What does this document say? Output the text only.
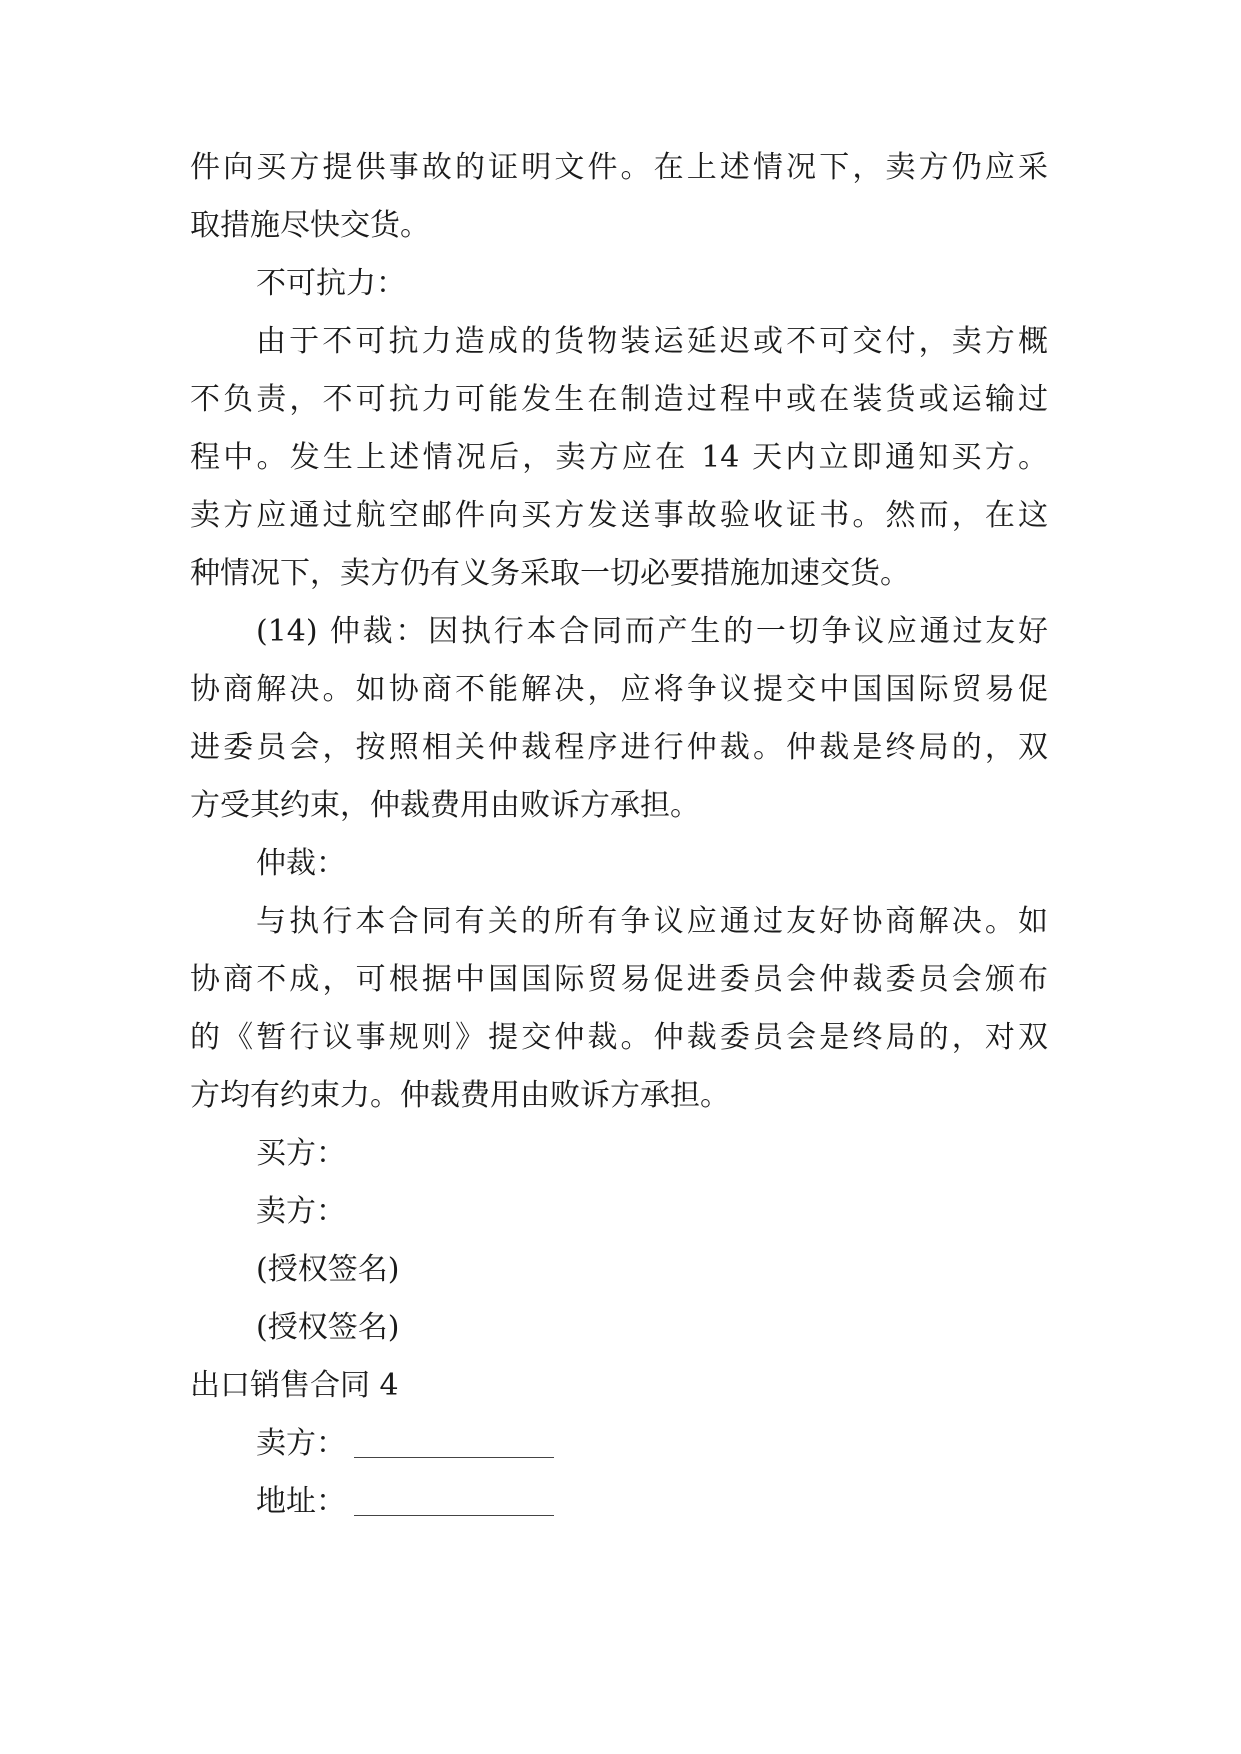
件向买方提供事故的证明文件。在上述情况下，卖方仍应采
取措施尽快交货。
不可抗力：
由于不可抗力造成的货物装运延迟或不可交付，卖方概
不负责，不可抗力可能发生在制造过程中或在装货或运输过
程中。发生上述情况后，卖方应在 14 天内立即通知买方。
卖方应通过航空邮件向买方发送事故验收证书。然而，在这
种情况下，卖方仍有义务采取一切必要措施加速交货。
(14) 仲裁：因执行本合同而产生的一切争议应通过友好
协商解决。如协商不能解决，应将争议提交中国国际贸易促
进委员会，按照相关仲裁程序进行仲裁。仲裁是终局的，双
方受其约束，仲裁费用由败诉方承担。
仲裁：
与执行本合同有关的所有争议应通过友好协商解决。如
协商不成，可根据中国国际贸易促进委员会仲裁委员会颁布
的《暂行议事规则》提交仲裁。仲裁委员会是终局的，对双
方均有约束力。仲裁费用由败诉方承担。
买方：
卖方：
(授权签名)
(授权签名)
出口销售合同 4
卖方：
地址：
